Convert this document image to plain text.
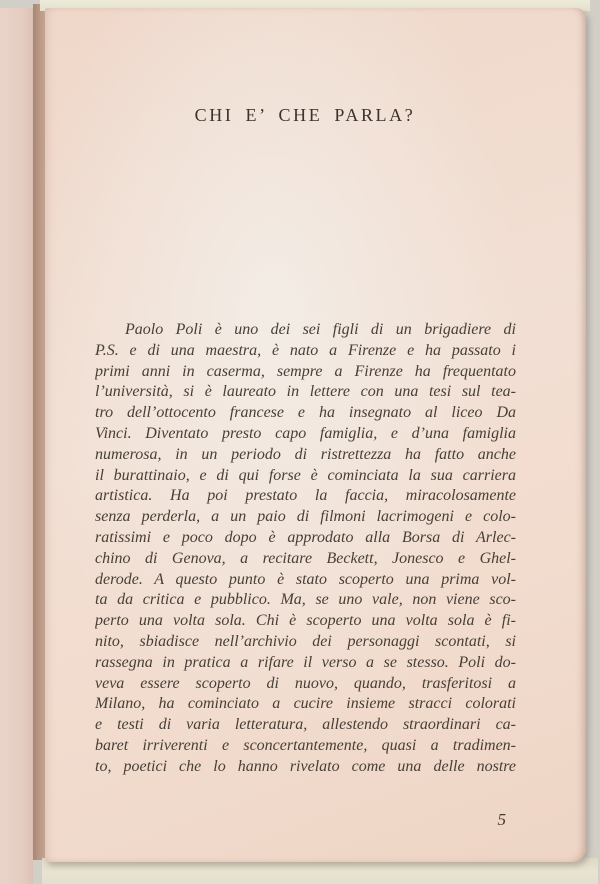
CHI E’ CHE PARLA?
Paolo Poli è uno dei sei figli di un brigadiere di
P.S. e di una maestra, è nato a Firenze e ha passato i
primi anni in caserma, sempre a Firenze ha frequentato
l’università, si è laureato in lettere con una tesi sul tea-
tro dell’ottocento francese e ha insegnato al liceo Da
Vinci. Diventato presto capo famiglia, e d’una famiglia
numerosa, in un periodo di ristrettezza ha fatto anche
il burattinaio, e di qui forse è cominciata la sua carriera
artistica. Ha poi prestato la faccia, miracolosamente
senza perderla, a un paio di filmoni lacrimogeni e colo-
ratissimi e poco dopo è approdato alla Borsa di Arlec-
chino di Genova, a recitare Beckett, Jonesco e Ghel-
derode. A questo punto è stato scoperto una prima vol-
ta da critica e pubblico. Ma, se uno vale, non viene sco-
perto una volta sola. Chi è scoperto una volta sola è fi-
nito, sbiadisce nell’archivio dei personaggi scontati, si
rassegna in pratica a rifare il verso a se stesso. Poli do-
veva essere scoperto di nuovo, quando, trasferitosi a
Milano, ha cominciato a cucire insieme stracci colorati
e testi di varia letteratura, allestendo straordinari ca-
baret irriverenti e sconcertantemente, quasi a tradimen-
to, poetici che lo hanno rivelato come una delle nostre
5
